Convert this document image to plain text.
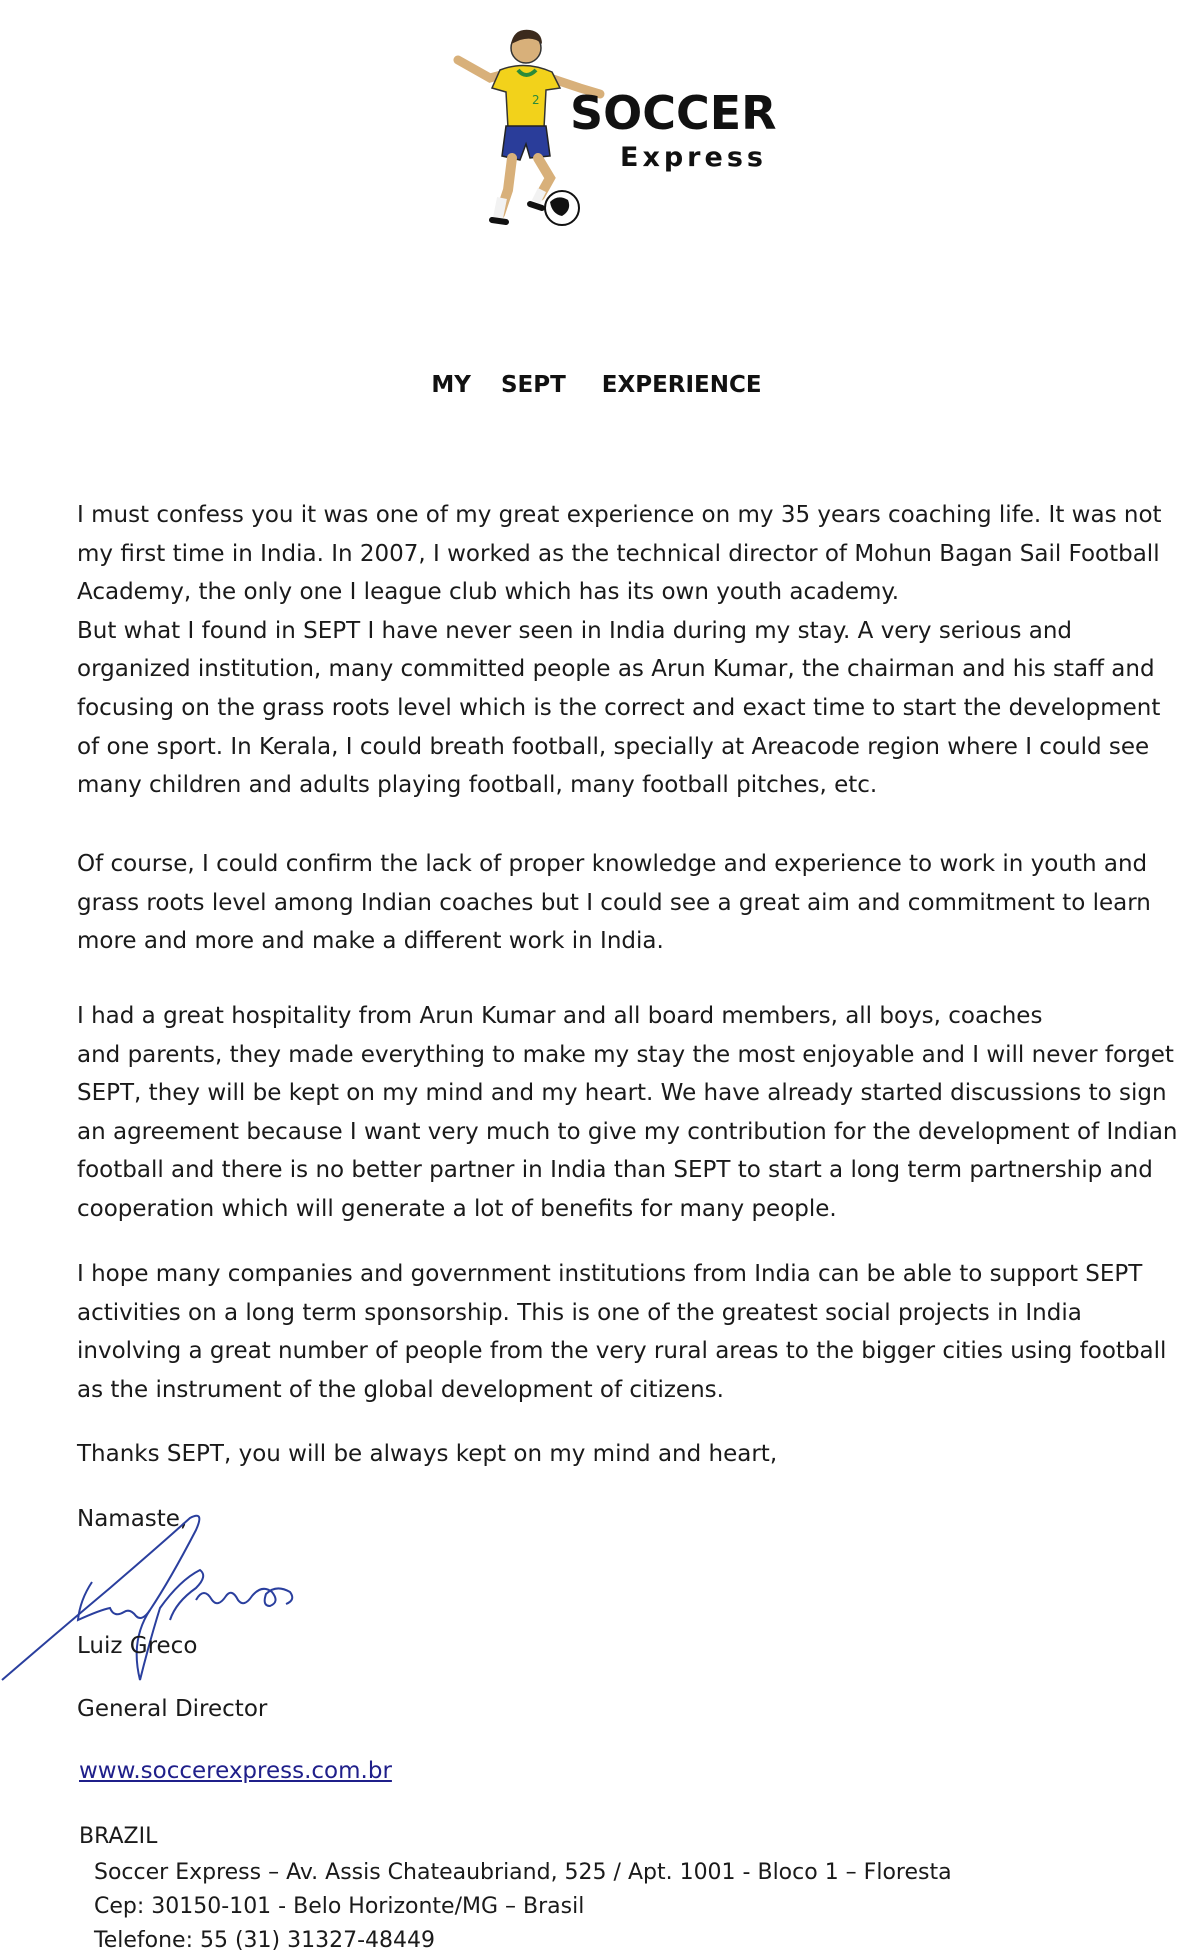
2 SOCCER
Express
MY SEPT EXPERIENCE
I must confess you it was one of my great experience on my 35 years coaching life. It was not
my first time in India. In 2007, I worked as the technical director of Mohun Bagan Sail Football
Academy, the only one I league club which has its own youth academy.
But what I found in SEPT I have never seen in India during my stay. A very serious and
organized institution, many committed people as Arun Kumar, the chairman and his staff and
focusing on the grass roots level which is the correct and exact time to start the development
of one sport. In Kerala, I could breath football, specially at Areacode region where I could see
many children and adults playing football, many football pitches, etc.
Of course, I could confirm the lack of proper knowledge and experience to work in youth and
grass roots level among Indian coaches but I could see a great aim and commitment to learn
more and more and make a different work in India.
I had a great hospitality from Arun Kumar and all board members, all boys, coaches
and parents, they made everything to make my stay the most enjoyable and I will never forget
SEPT, they will be kept on my mind and my heart. We have already started discussions to sign
an agreement because I want very much to give my contribution for the development of Indian
football and there is no better partner in India than SEPT to start a long term partnership and
cooperation which will generate a lot of benefits for many people.
I hope many companies and government institutions from India can be able to support SEPT
activities on a long term sponsorship. This is one of the greatest social projects in India
involving a great number of people from the very rural areas to the bigger cities using football
as the instrument of the global development of citizens.
Thanks SEPT, you will be always kept on my mind and heart,
Namaste,
Luiz Greco
General Director
www.soccerexpress.com.br
BRAZIL
Soccer Express – Av. Assis Chateaubriand, 525 / Apt. 1001 - Bloco 1 – Floresta
Cep: 30150-101 - Belo Horizonte/MG – Brasil
Telefone: 55 (31) 31327-48449
